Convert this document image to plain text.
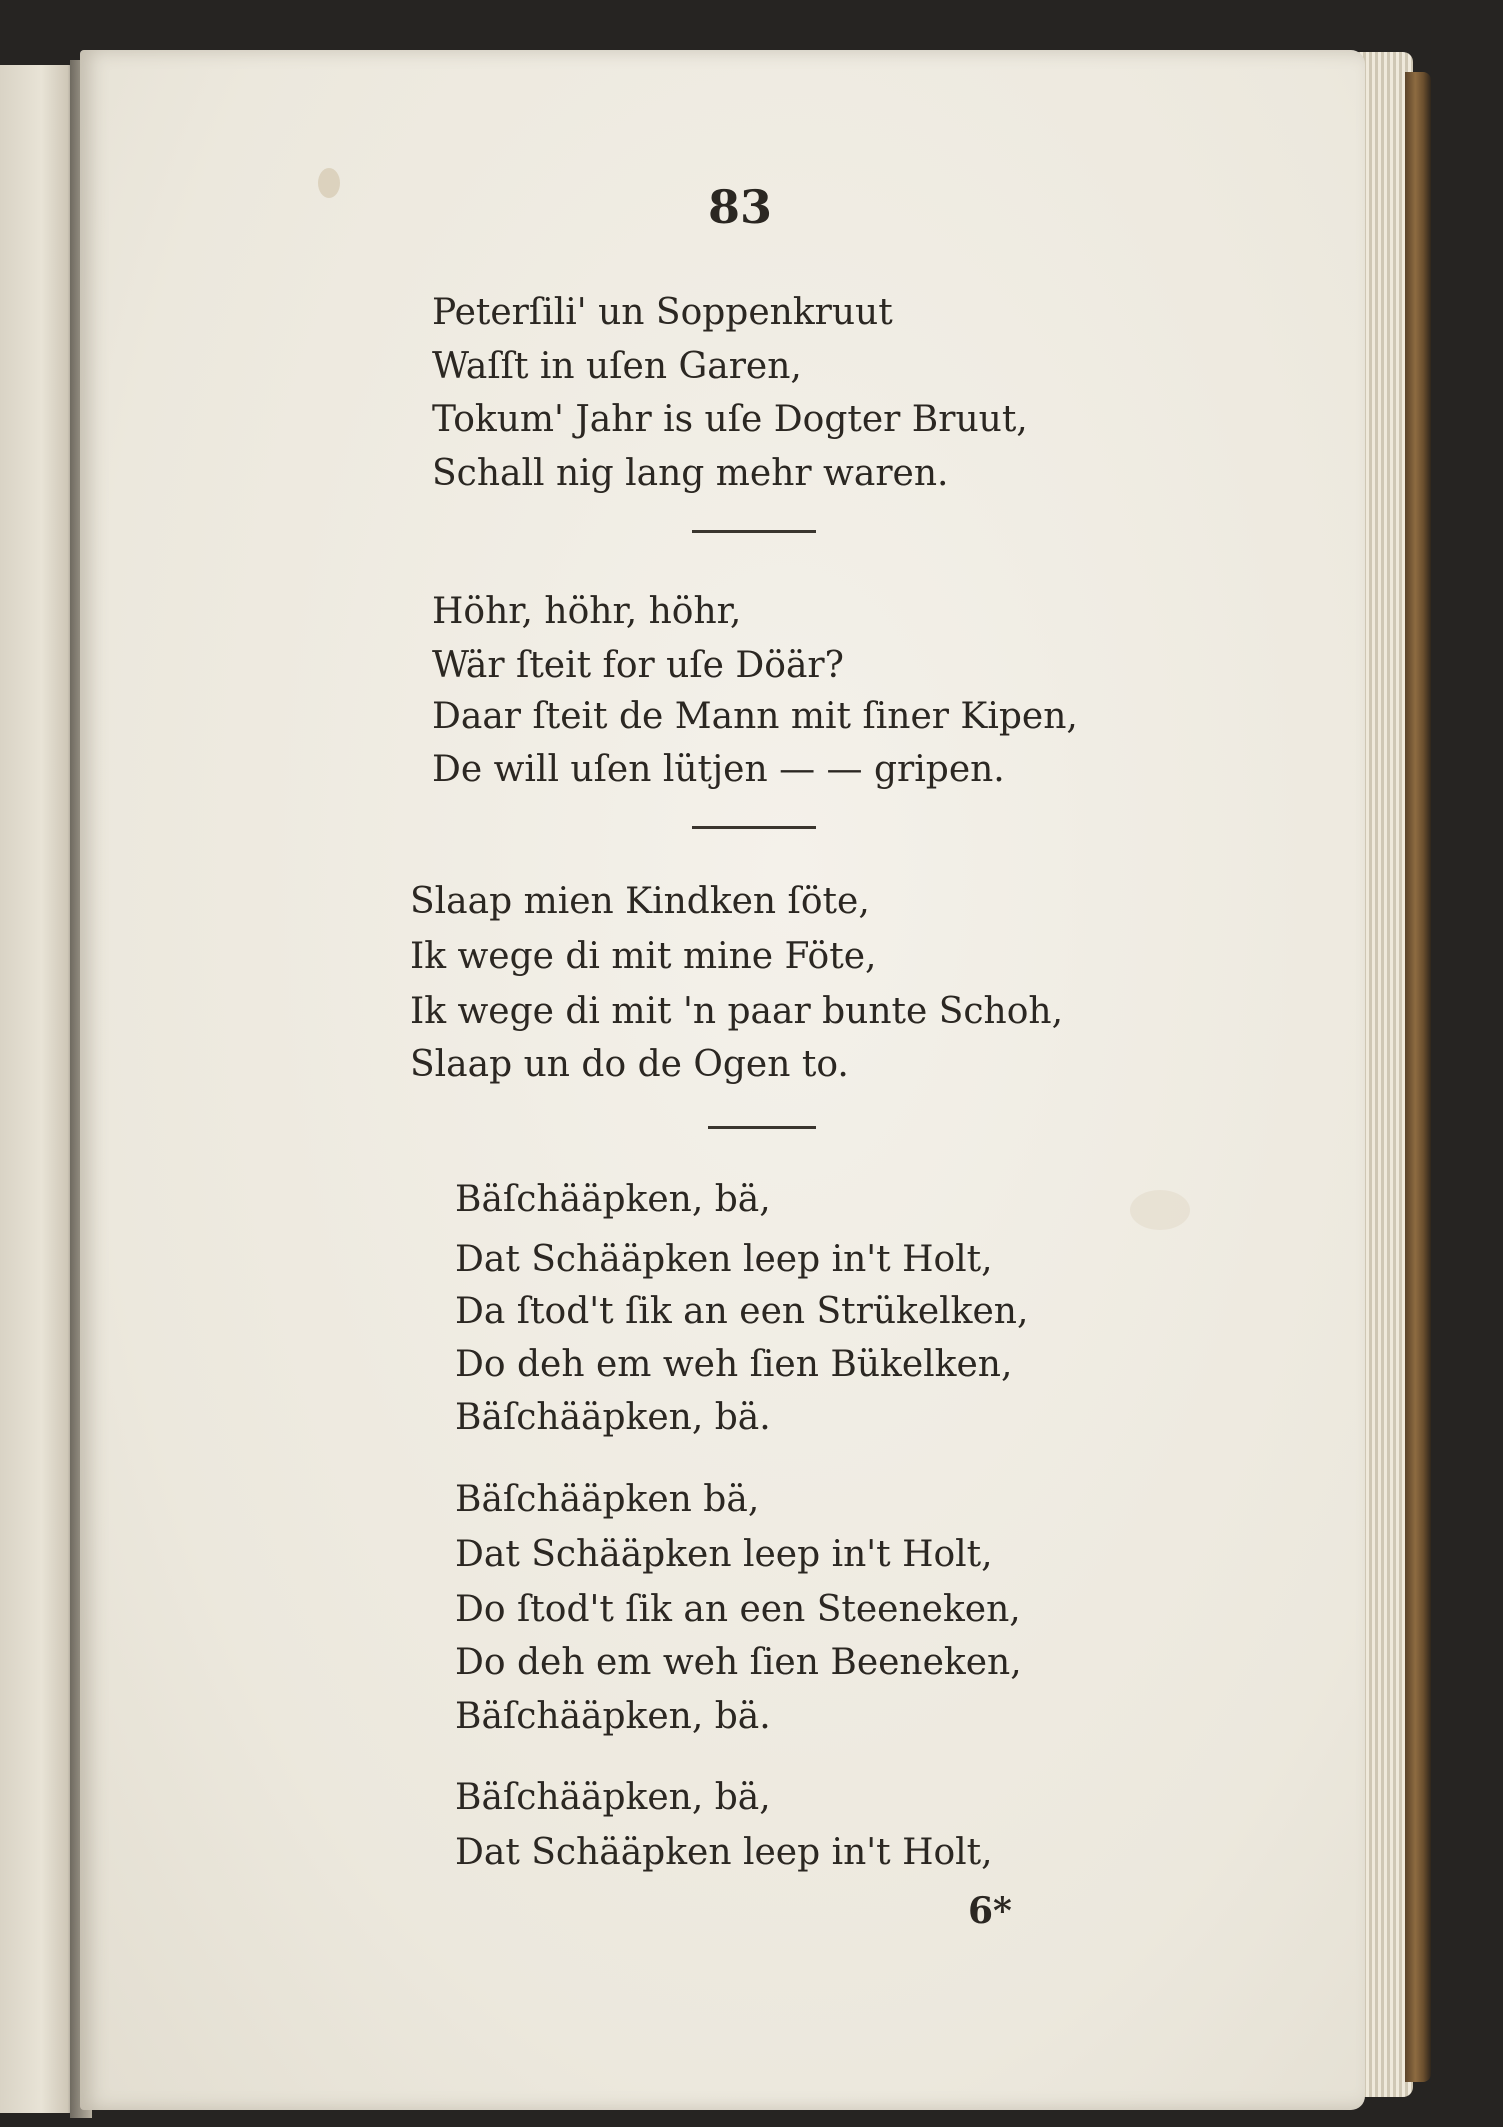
83
Peterſili' un Soppenkruut
Waſſt in uſen Garen,
Tokum' Jahr is uſe Dogter Bruut,
Schall nig lang mehr waren.
Höhr, höhr, höhr,
Wär ſteit for uſe Döär?
Daar ſteit de Mann mit ſiner Kipen,
De will uſen lütjen — — gripen.
Slaap mien Kindken ſöte,
Ik wege di mit mine Föte,
Ik wege di mit 'n paar bunte Schoh,
Slaap un do de Ogen to.
Bäſchääpken, bä,
Dat Schääpken leep in't Holt,
Da ſtod't ſik an een Strükelken,
Do deh em weh ſien Bükelken,
Bäſchääpken, bä.
Bäſchääpken bä,
Dat Schääpken leep in't Holt,
Do ſtod't ſik an een Steeneken,
Do deh em weh ſien Beeneken,
Bäſchääpken, bä.
Bäſchääpken, bä,
Dat Schääpken leep in't Holt,
6*
